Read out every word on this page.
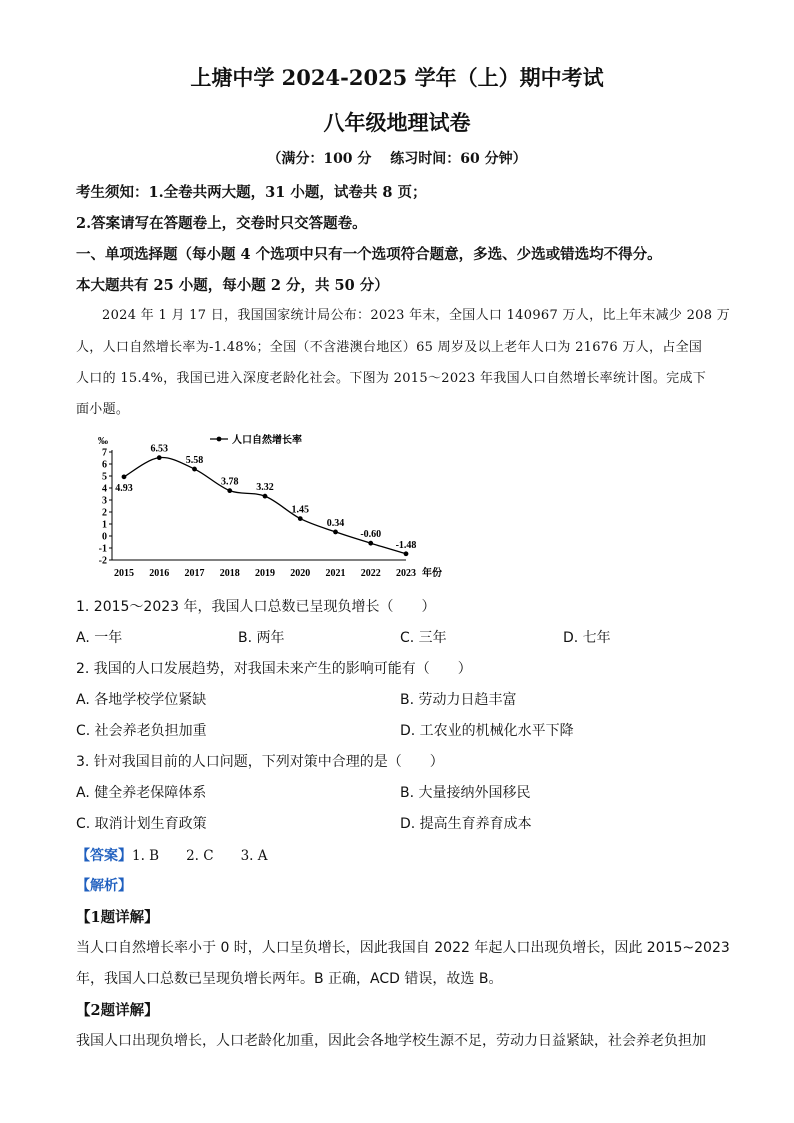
上塘中学 2024-2025 学年（上）期中考试
八年级地理试卷
（满分：100 分　 练习时间：60 分钟）
考生须知：1.全卷共两大题，31 小题，试卷共 8 页；
2.答案请写在答题卷上，交卷时只交答题卷。
一、单项选择题（每小题 4 个选项中只有一个选项符合题意，多选、少选或错选均不得分。
本大题共有 25 小题，每小题 2 分，共 50 分）
2024 年 1 月 17 日，我国国家统计局公布：2023 年末，全国人口 140967 万人，比上年末减少 208 万
人，人口自然增长率为-1.48%；全国（不含港澳台地区）65 周岁及以上老年人口为 21676 万人，占全国
人口的 15.4%，我国已进入深度老龄化社会。下图为 2015～2023 年我国人口自然增长率统计图。完成下
面小题。
‰
7
6
5
4
3
2
1
0
-1
-2
2015 2016 2017 2018 2019 2020 2021 2022 2023 年份
4.93
6.53
5.58
3.78
3.32
1.45
0.34
-0.60
-1.48
人口自然增长率
1. 2015～2023 年，我国人口总数已呈现负增长（　　）
A. 一年	B. 两年	C. 三年	D. 七年
2. 我国的人口发展趋势，对我国未来产生的影响可能有（　　）
A. 各地学校学位紧缺	B. 劳动力日趋丰富
C. 社会养老负担加重	D. 工农业的机械化水平下降
3. 针对我国目前的人口问题，下列对策中合理的是（　　）
A. 健全养老保障体系	B. 大量接纳外国移民
C. 取消计划生育政策	D. 提高生育养育成本
【答案】1. B　　2. C　　3. A
【解析】
【1题详解】
当人口自然增长率小于 0 时，人口呈负增长，因此我国自 2022 年起人口出现负增长，因此 2015~2023
年，我国人口总数已呈现负增长两年。B 正确，ACD 错误，故选 B。
【2题详解】
我国人口出现负增长，人口老龄化加重，因此会各地学校生源不足，劳动力日益紧缺，社会养老负担加
